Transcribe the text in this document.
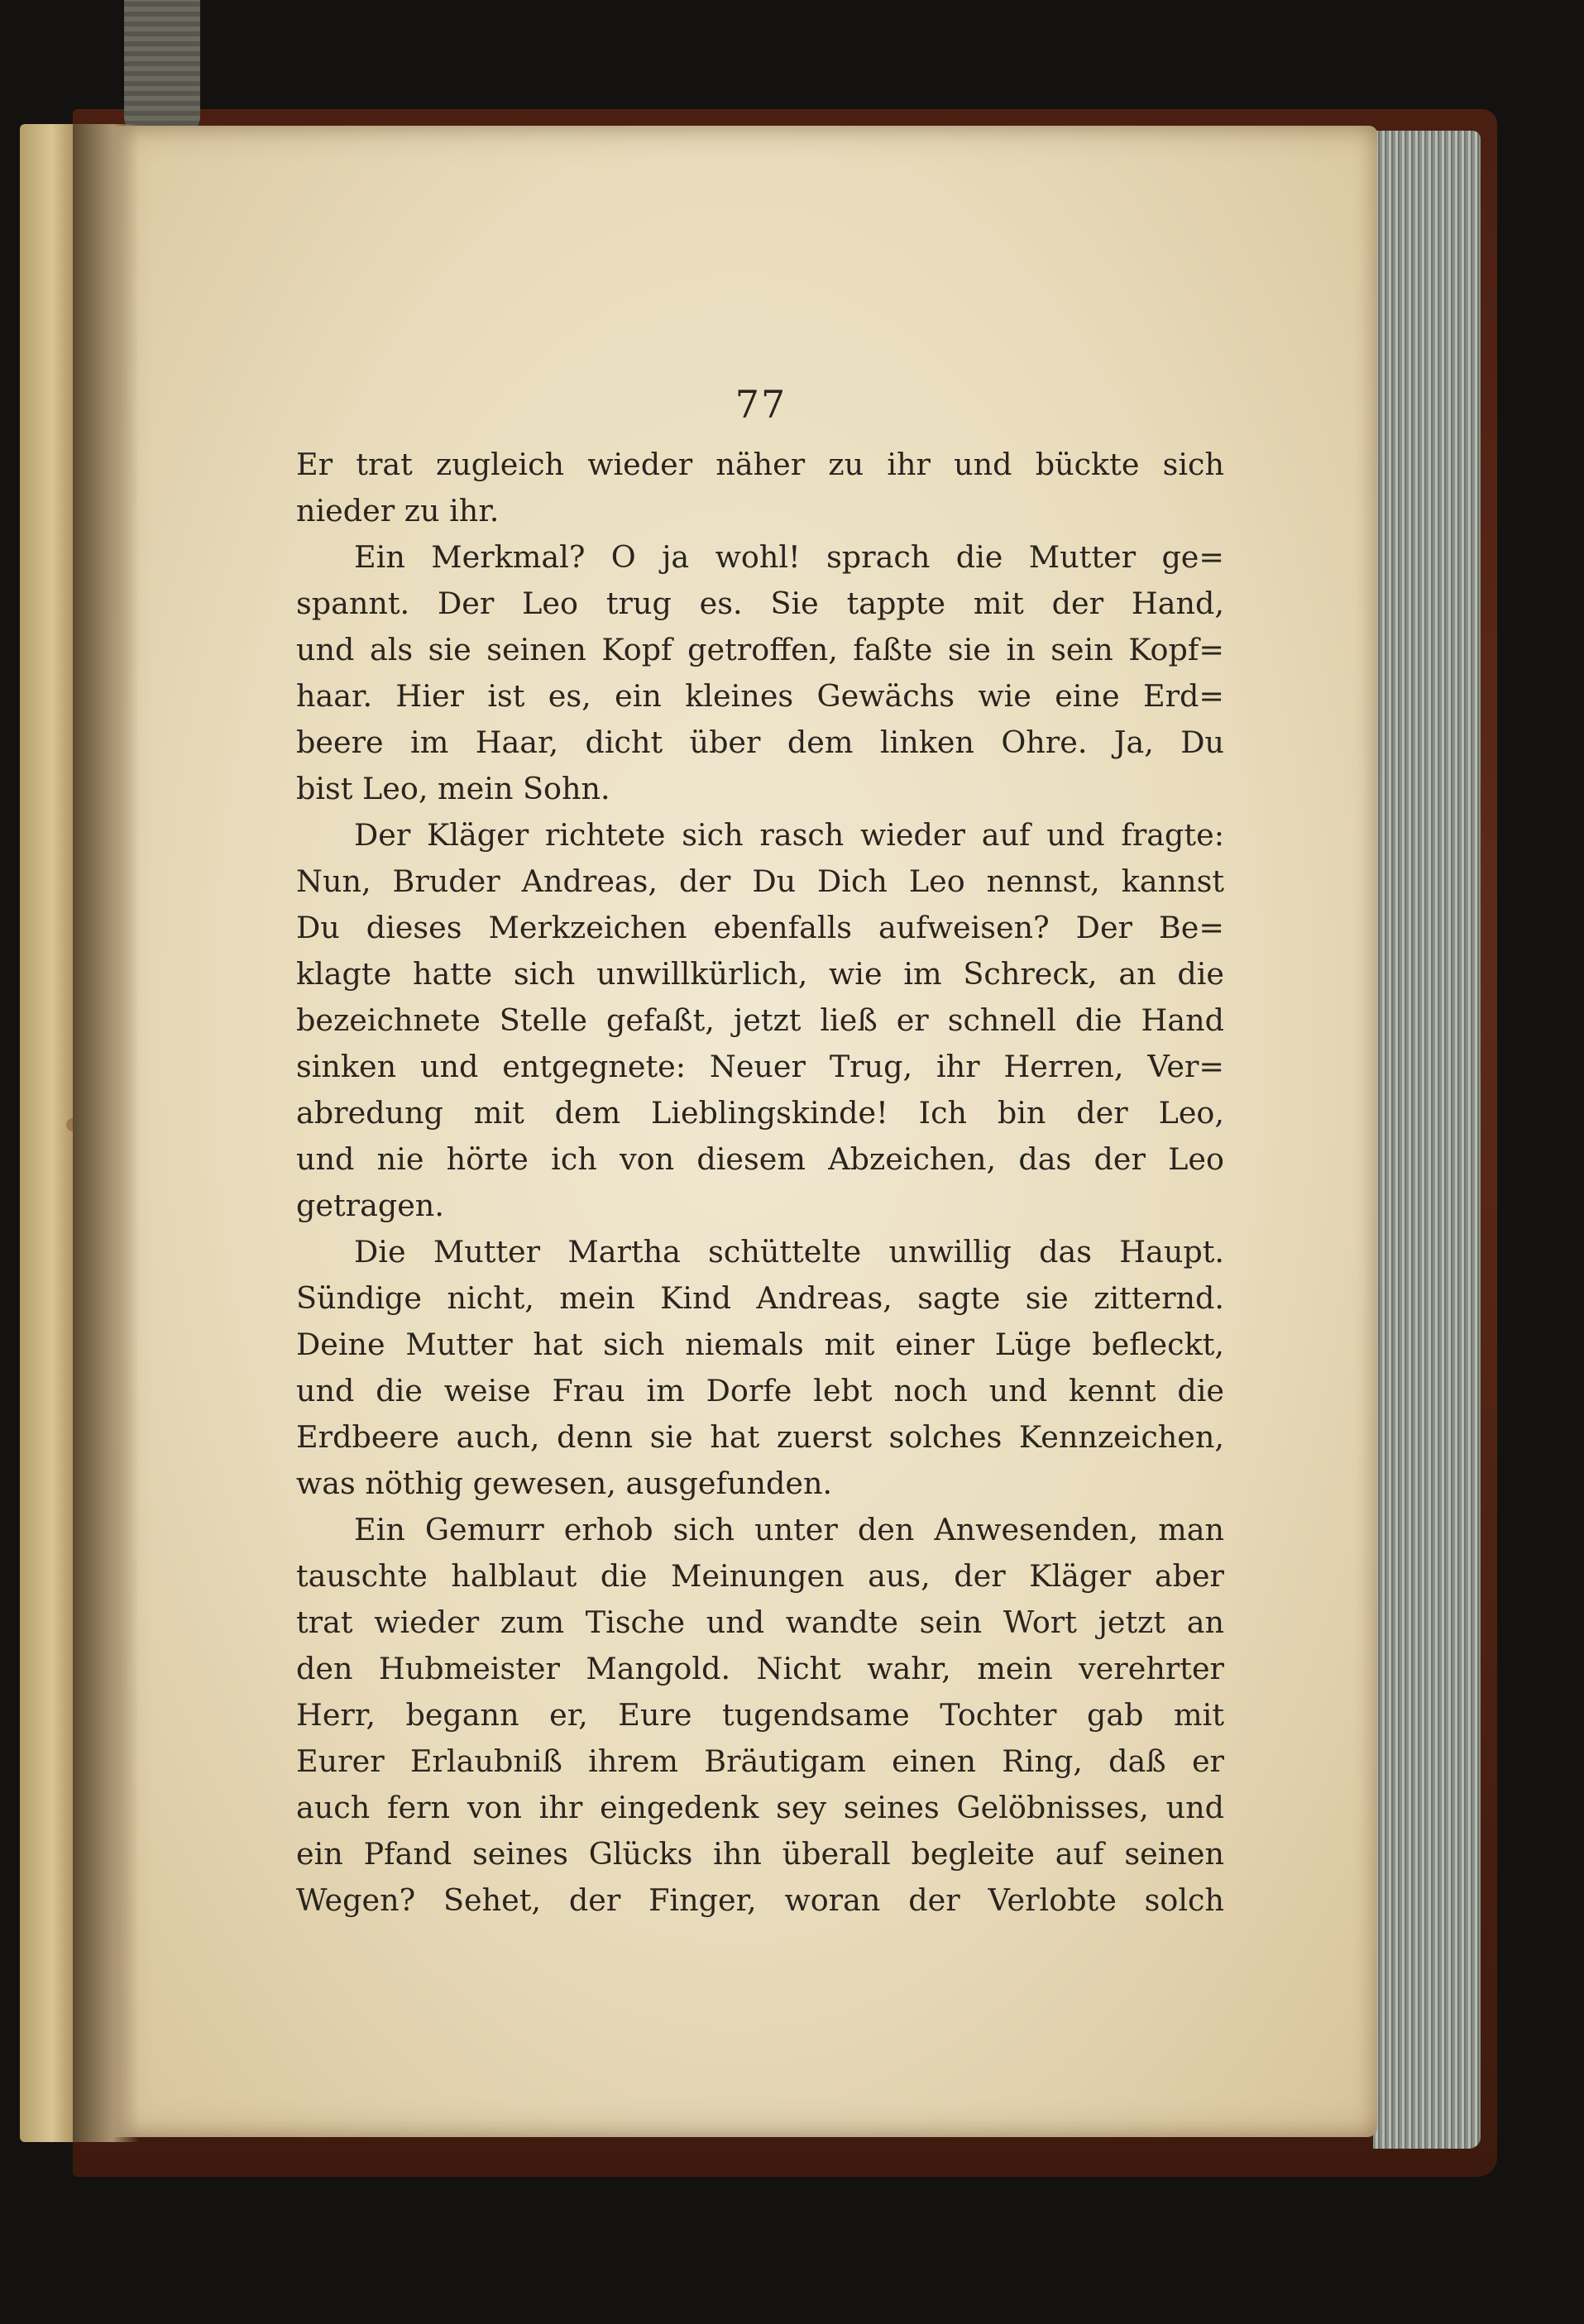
77
Er trat zugleich wieder näher zu ihr und bückte sich
nieder zu ihr.
Ein Merkmal? O ja wohl! sprach die Mutter ge=
spannt. Der Leo trug es. Sie tappte mit der Hand,
und als sie seinen Kopf getroffen, faßte sie in sein Kopf=
haar. Hier ist es, ein kleines Gewächs wie eine Erd=
beere im Haar, dicht über dem linken Ohre. Ja, Du
bist Leo, mein Sohn.
Der Kläger richtete sich rasch wieder auf und fragte:
Nun, Bruder Andreas, der Du Dich Leo nennst, kannst
Du dieses Merkzeichen ebenfalls aufweisen? Der Be=
klagte hatte sich unwillkürlich, wie im Schreck, an die
bezeichnete Stelle gefaßt, jetzt ließ er schnell die Hand
sinken und entgegnete: Neuer Trug, ihr Herren, Ver=
abredung mit dem Lieblingskinde! Ich bin der Leo,
und nie hörte ich von diesem Abzeichen, das der Leo
getragen.
Die Mutter Martha schüttelte unwillig das Haupt.
Sündige nicht, mein Kind Andreas, sagte sie zitternd.
Deine Mutter hat sich niemals mit einer Lüge befleckt,
und die weise Frau im Dorfe lebt noch und kennt die
Erdbeere auch, denn sie hat zuerst solches Kennzeichen,
was nöthig gewesen, ausgefunden.
Ein Gemurr erhob sich unter den Anwesenden, man
tauschte halblaut die Meinungen aus, der Kläger aber
trat wieder zum Tische und wandte sein Wort jetzt an
den Hubmeister Mangold. Nicht wahr, mein verehrter
Herr, begann er, Eure tugendsame Tochter gab mit
Eurer Erlaubniß ihrem Bräutigam einen Ring, daß er
auch fern von ihr eingedenk sey seines Gelöbnisses, und
ein Pfand seines Glücks ihn überall begleite auf seinen
Wegen? Sehet, der Finger, woran der Verlobte solch
